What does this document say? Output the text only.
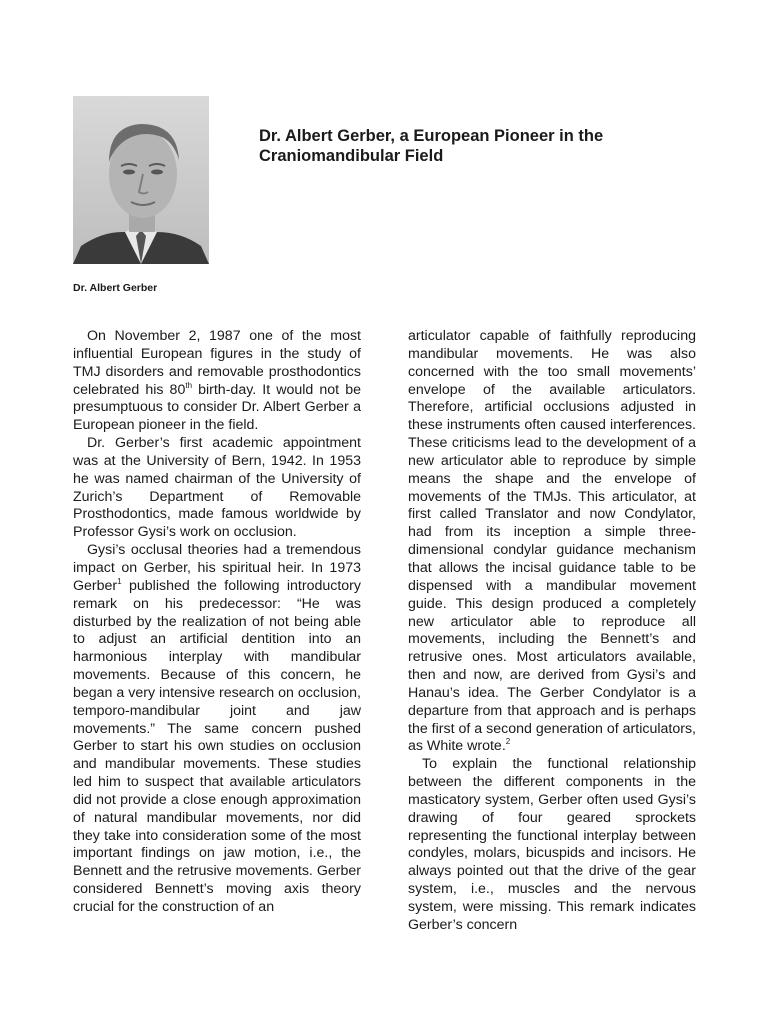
Dr. Albert Gerber, a European Pioneer in the Craniomandibular Field

Dr. Albert Gerber

On November 2, 1987 one of the most influential European figures in the study of TMJ disorders and removable prosthodontics celebrated his 80th birth-day. It would not be presumptuous to consider Dr. Albert Gerber a European pioneer in the field.

Dr. Gerber’s first academic appointment was at the University of Bern, 1942. In 1953 he was named chairman of the University of Zurich’s Department of Removable Prosthodontics, made famous worldwide by Professor Gysi’s work on occlusion.

Gysi’s occlusal theories had a tremendous impact on Gerber, his spiritual heir. In 1973 Gerber$^1$ published the following introductory remark on his predecessor: “He was disturbed by the realization of not being able to adjust an artificial dentition into an harmonious interplay with mandibular movements. Because of this concern, he began a very intensive research on occlusion, temporo-mandibular joint and jaw movements.” The same concern pushed Gerber to start his own studies on occlusion and mandibular movements. These studies led him to suspect that available articulators did not provide a close enough approximation of natural mandibular movements, nor did they take into consideration some of the most important findings on jaw motion, i.e., the Bennett and the retrusive movements. Gerber considered Bennett’s moving axis theory crucial for the construction of an

articulator capable of faithfully reproducing mandibular movements. He was also concerned with the too small movements’ envelope of the available articulators. Therefore, artificial occlusions adjusted in these instruments often caused interferences. These criticisms lead to the development of a new articulator able to reproduce by simple means the shape and the envelope of movements of the TMJs. This articulator, at first called Translator and now Condylator, had from its inception a simple three-dimensional condylar guidance mechanism that allows the incisal guidance table to be dispensed with a mandibular movement guide. This design produced a completely new articulator able to reproduce all movements, including the Bennett’s and retrusive ones. Most articulators available, then and now, are derived from Gysi’s and Hanau’s idea. The Gerber Condylator is a departure from that approach and is perhaps the first of a second generation of articulators, as White wrote.$^2$

To explain the functional relationship between the different components in the masticatory system, Gerber often used Gysi’s drawing of four geared sprockets representing the functional interplay between condyles, molars, bicuspids and incisors. He always pointed out that the drive of the gear system, i.e., muscles and the nervous system, were missing. This remark indicates Gerber’s concern
